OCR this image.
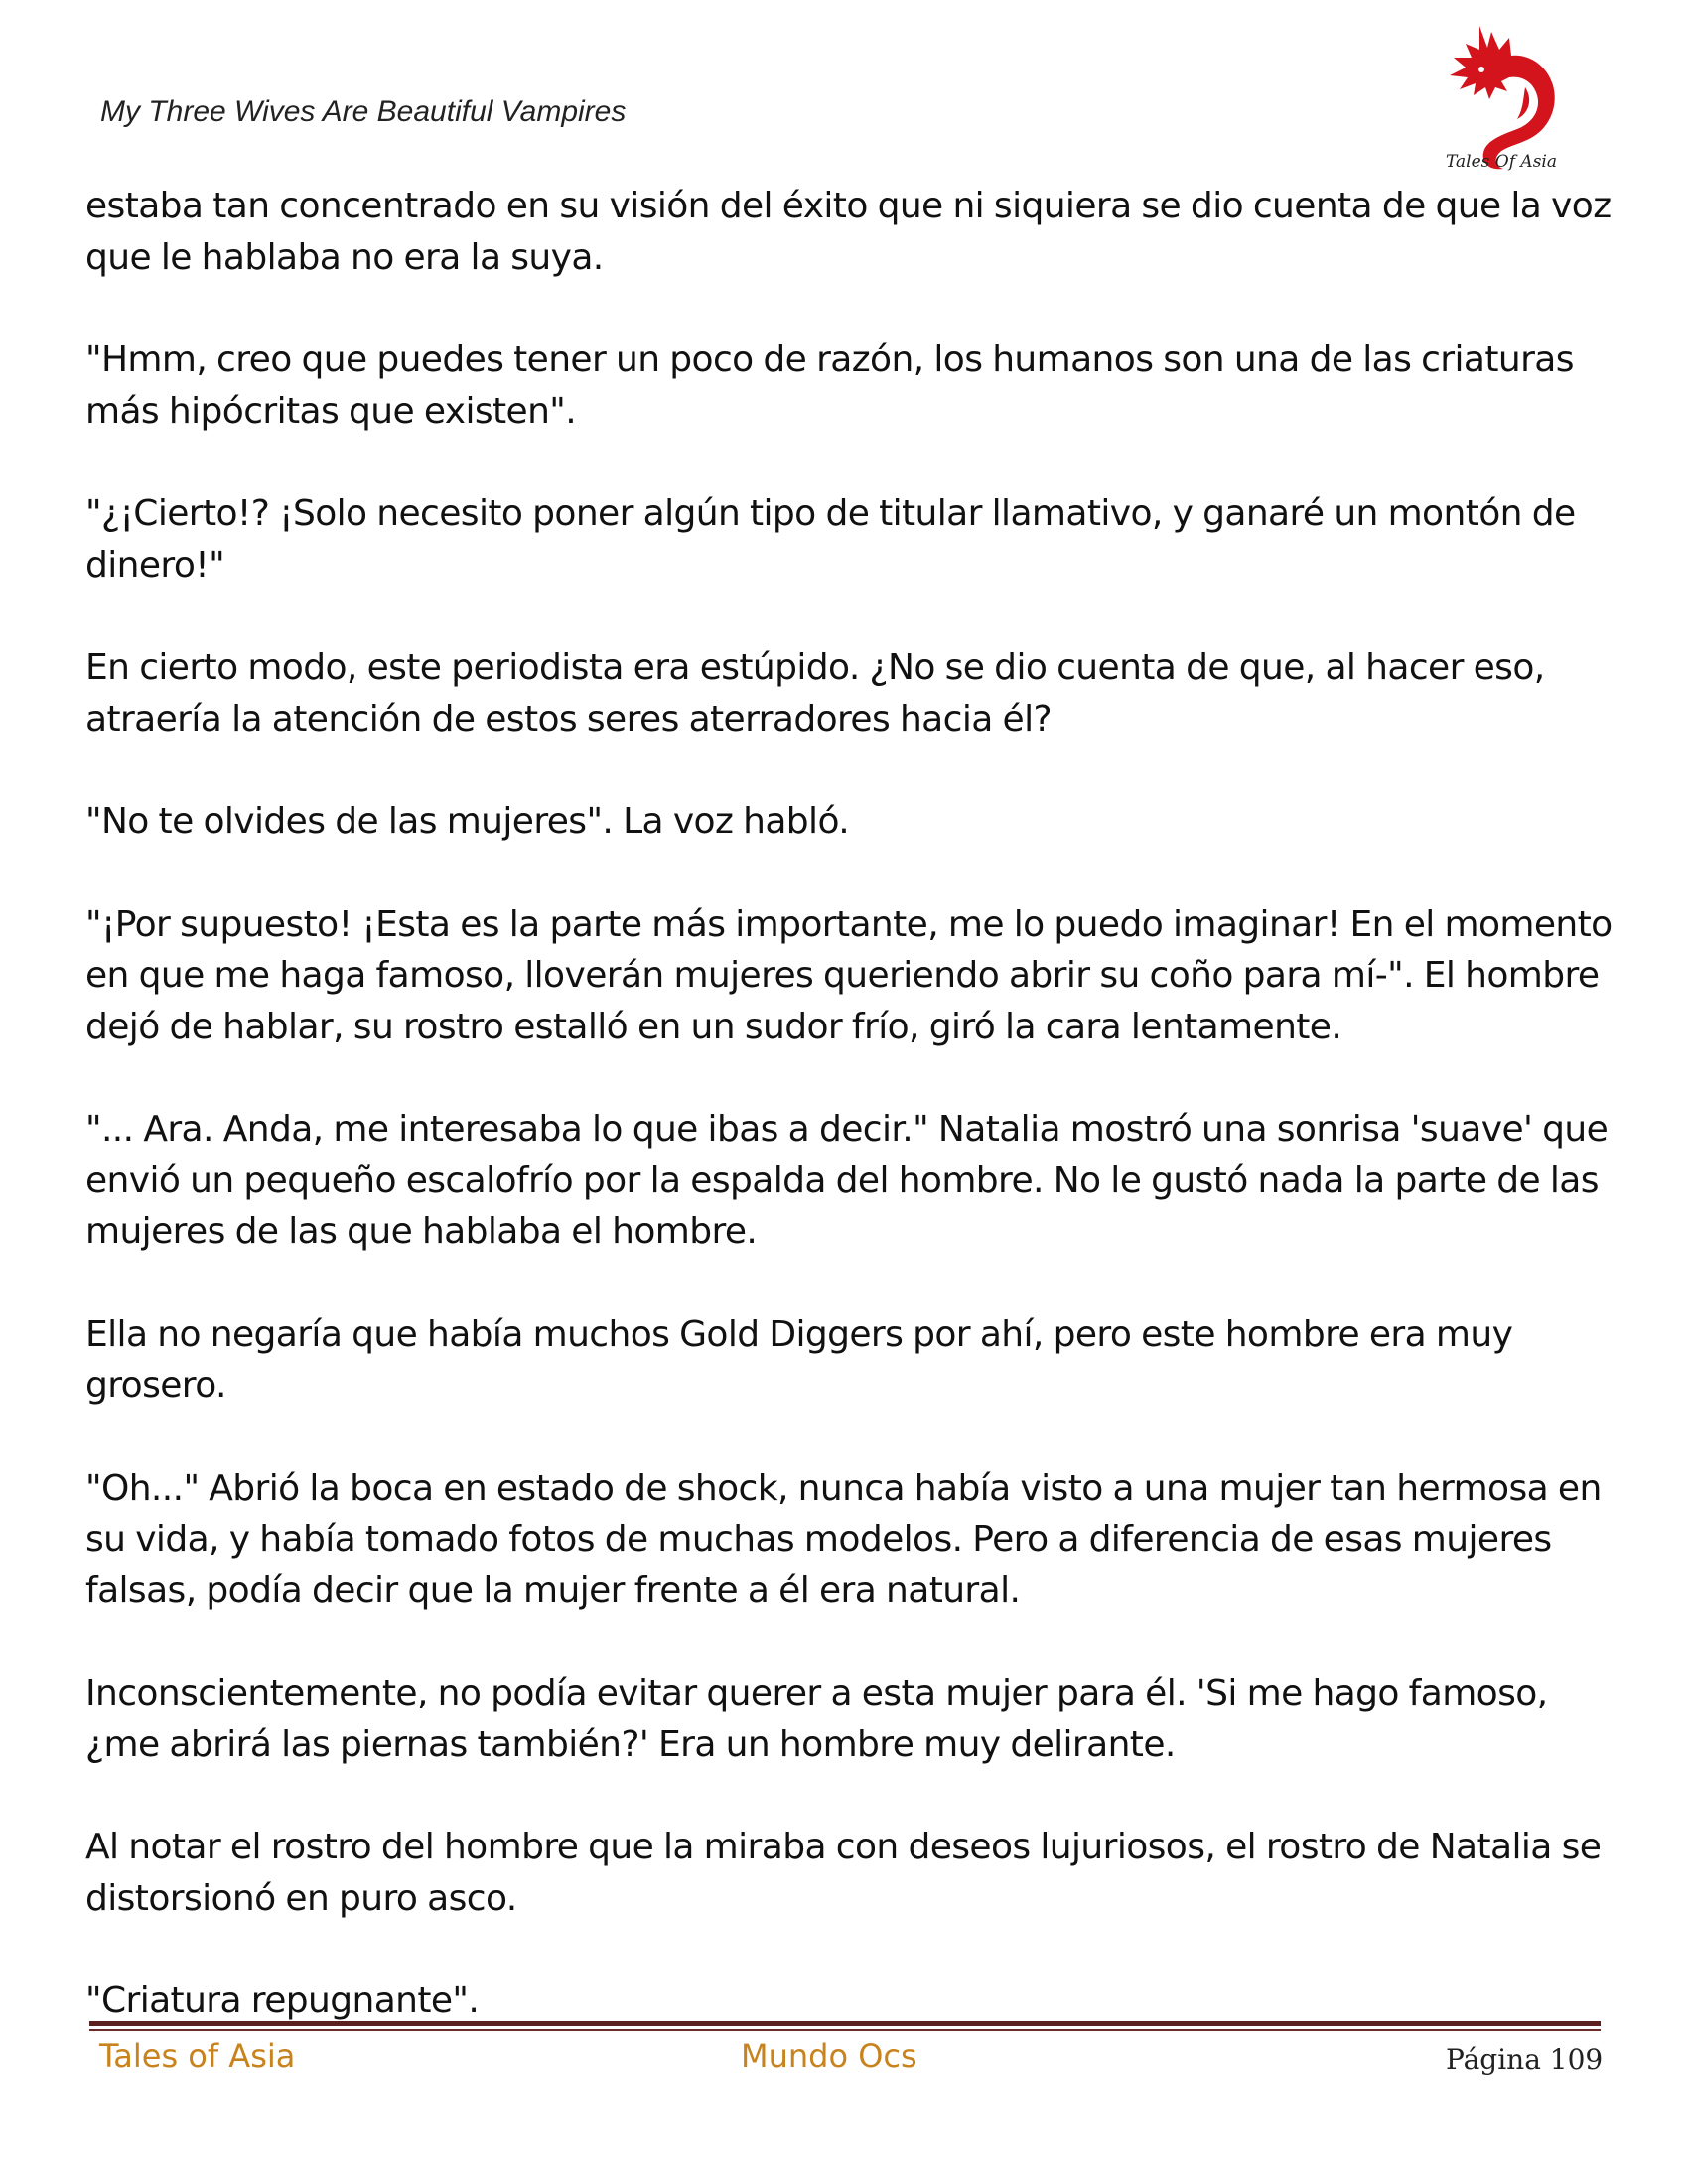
My Three Wives Are Beautiful Vampires
Tales Of Asia

estaba tan concentrado en su visión del éxito que ni siquiera se dio cuenta de que la voz que le hablaba no era la suya.

"Hmm, creo que puedes tener un poco de razón, los humanos son una de las criaturas más hipócritas que existen".

"¿¡Cierto!? ¡Solo necesito poner algún tipo de titular llamativo, y ganaré un montón de dinero!"

En cierto modo, este periodista era estúpido. ¿No se dio cuenta de que, al hacer eso, atraería la atención de estos seres aterradores hacia él?

"No te olvides de las mujeres". La voz habló.

"¡Por supuesto! ¡Esta es la parte más importante, me lo puedo imaginar! En el momento en que me haga famoso, lloverán mujeres queriendo abrir su coño para mí-". El hombre dejó de hablar, su rostro estalló en un sudor frío, giró la cara lentamente.

"... Ara. Anda, me interesaba lo que ibas a decir." Natalia mostró una sonrisa 'suave' que envió un pequeño escalofrío por la espalda del hombre. No le gustó nada la parte de las mujeres de las que hablaba el hombre.

Ella no negaría que había muchos Gold Diggers por ahí, pero este hombre era muy grosero.

"Oh..." Abrió la boca en estado de shock, nunca había visto a una mujer tan hermosa en su vida, y había tomado fotos de muchas modelos. Pero a diferencia de esas mujeres falsas, podía decir que la mujer frente a él era natural.

Inconscientemente, no podía evitar querer a esta mujer para él. 'Si me hago famoso, ¿me abrirá las piernas también?' Era un hombre muy delirante.

Al notar el rostro del hombre que la miraba con deseos lujuriosos, el rostro de Natalia se distorsionó en puro asco.

"Criatura repugnante".

Tales of Asia	Mundo Ocs	Página 109
